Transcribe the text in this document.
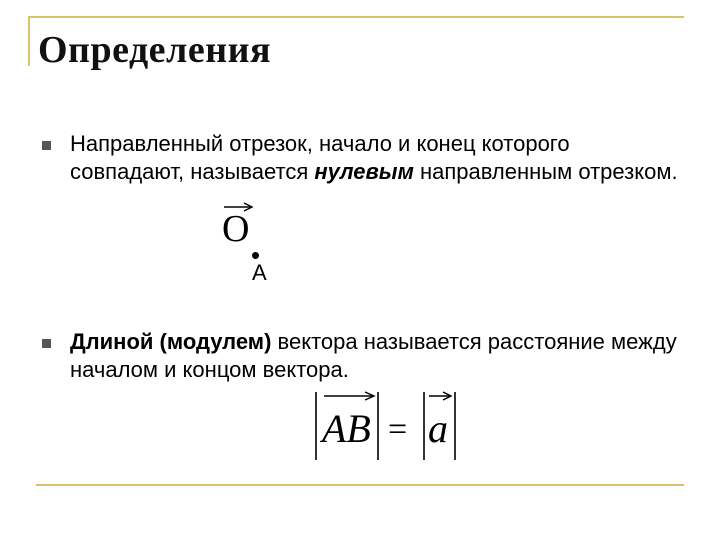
Определения
Направленный отрезок, начало и конец которого совпадают, называется нулевым направленным отрезком.
O
A
Длиной (модулем) вектора называется расстояние между началом и концом вектора.
AB = a
